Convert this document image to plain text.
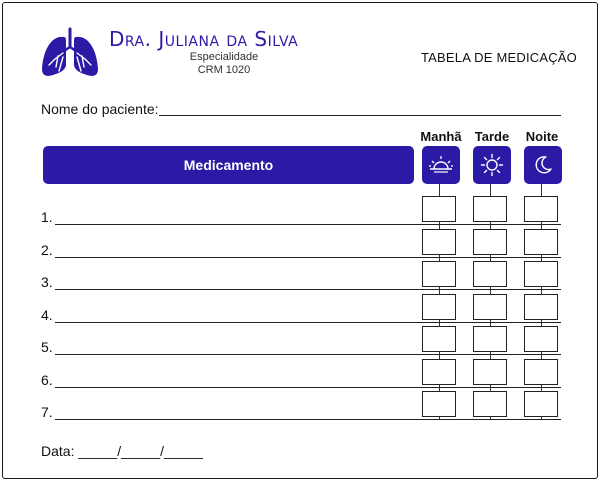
Dra. Juliana da Silva
Especialidade
CRM 1020
TABELA DE MEDICAÇÃO
Nome do paciente:
Manhã	Tarde	Noite
Medicamento
1.
2.
3.
4.
5.
6.
7.
Data: _____/_____/_____
